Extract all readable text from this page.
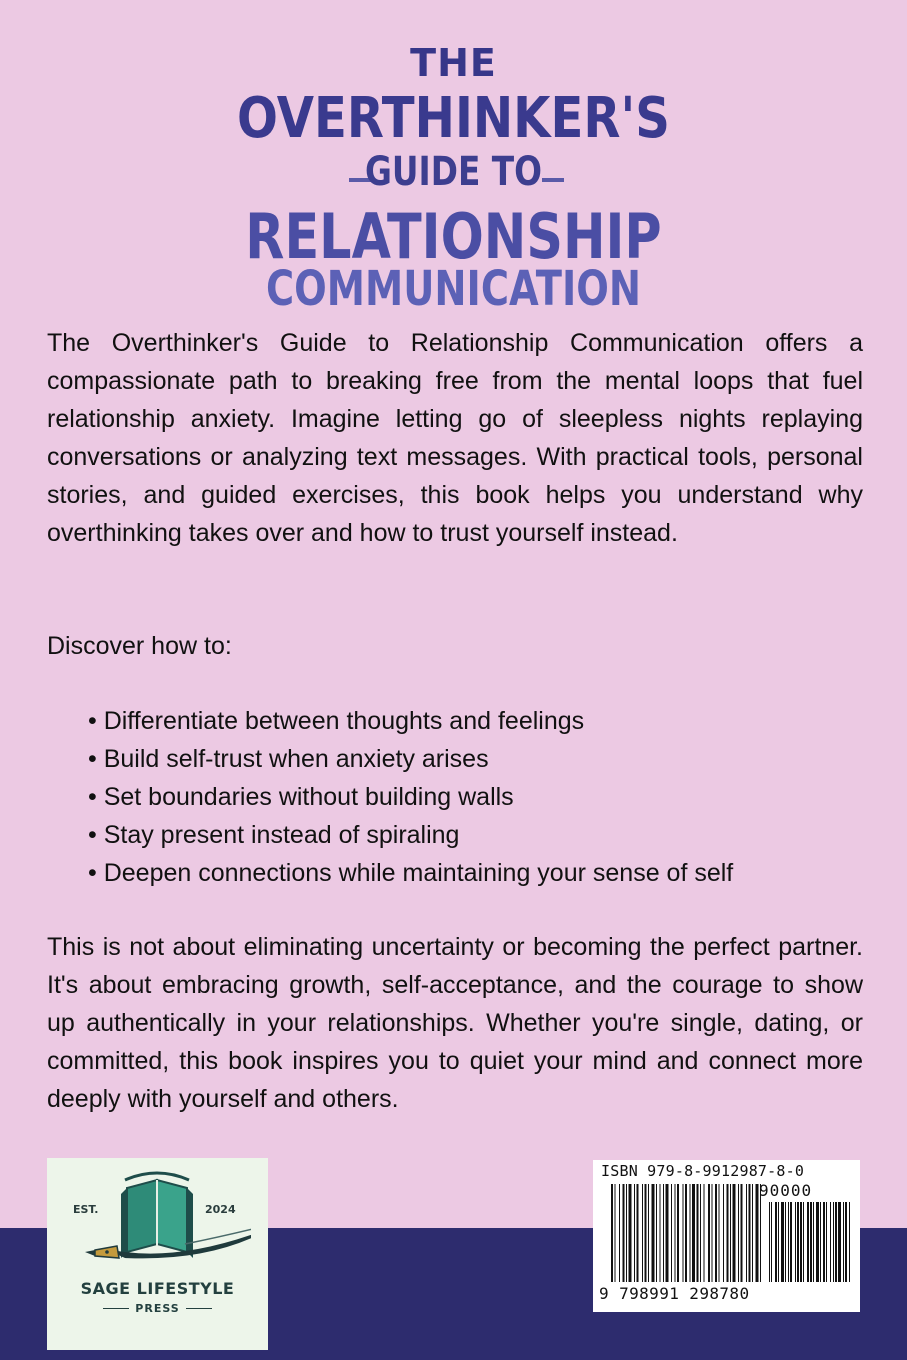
THE
OVERTHINKER'S
GUIDE TO
RELATIONSHIP
COMMUNICATION

The Overthinker's Guide to Relationship Communication offers a compassionate path to breaking free from the mental loops that fuel relationship anxiety. Imagine letting go of sleepless nights replaying conversations or analyzing text messages. With practical tools, personal stories, and guided exercises, this book helps you understand why overthinking takes over and how to trust yourself instead.

Discover how to:

• Differentiate between thoughts and feelings
• Build self-trust when anxiety arises
• Set boundaries without building walls
• Stay present instead of spiraling
• Deepen connections while maintaining your sense of self

This is not about eliminating uncertainty or becoming the perfect partner. It's about embracing growth, self-acceptance, and the courage to show up authentically in your relationships. Whether you're single, dating, or committed, this book inspires you to quiet your mind and connect more deeply with yourself and others.

EST.	2024
SAGE LIFESTYLE
PRESS
ISBN 979-8-9912987-8-0
90000
9 798991 298780
